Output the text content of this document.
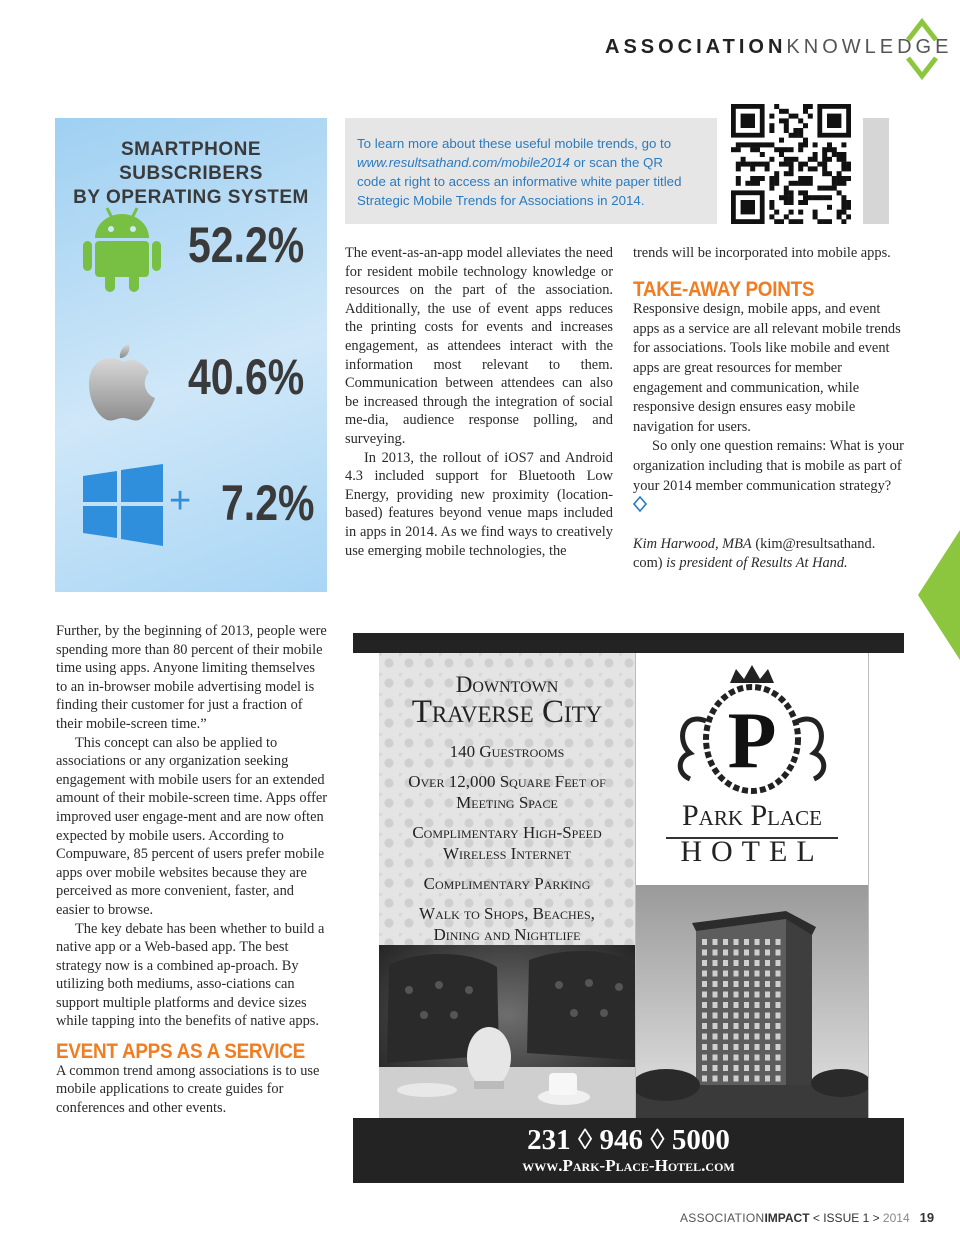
ASSOCIATIONKNOWLEDGE
SMARTPHONE SUBSCRIBERS
BY OPERATING SYSTEM
52.2%
40.6%
+ 7.2%
To learn more about these useful mobile trends, go to
www.resultsathand.com/mobile2014 or scan the QR
code at right to access an informative white paper titled
Strategic Mobile Trends for Associations in 2014.

The event-as-an-app model alleviates the need for resident mobile technology knowledge or resources on the part of the association. Additionally, the use of event apps reduces the printing costs for events and increases engagement, as attendees interact with the information most relevant to them. Communication between attendees can also be increased through the integration of social me-dia, audience response polling, and surveying.

In 2013, the rollout of iOS7 and Android 4.3 included support for Bluetooth Low Energy, providing new proximity (location-based) features beyond venue maps included in apps in 2014. As we find ways to creatively use emerging mobile technologies, the

trends will be incorporated into mobile apps.

TAKE-AWAY POINTS

Responsive design, mobile apps, and event apps as a service are all relevant mobile trends for associations. Tools like mobile and event apps are great resources for member engagement and communication, while responsive design ensures easy mobile navigation for users.

So only one question remains: What is your organization including that is mobile as part of your 2014 member communication strategy?

Kim Harwood, MBA (kim@resultsathand. com) is president of Results At Hand.

Further, by the beginning of 2013, people were spending more than 80 percent of their mobile time using apps. Anyone limiting themselves to an in-browser mobile advertising model is finding their customer for just a fraction of their mobile-screen time.”

This concept can also be applied to associations or any organization seeking engagement with mobile users for an extended amount of their mobile-screen time. Apps offer improved user engage-ment and are now often expected by mobile users. According to Compuware, 85 percent of users prefer mobile apps over mobile websites because they are perceived as more convenient, faster, and easier to browse.

The key debate has been whether to build a native app or a Web-based app. The best strategy now is a combined ap-proach. By utilizing both mediums, asso-ciations can support multiple platforms and device sizes while tapping into the benefits of native apps.

EVENT APPS AS A SERVICE

A common trend among associations is to use mobile applications to create guides for conferences and other events.

Downtown
Traverse City
140 Guestrooms
Over 12,000 Square Feet of Meeting Space
Complimentary High-Speed Wireless Internet
Complimentary Parking
Walk to Shops, Beaches, Dining and Nightlife
P
Park Place
HOTEL
231 ◊ 946 ◊ 5000
www.Park-Place-Hotel.com
ASSOCIATIONIMPACT < ISSUE 1 > 2014 19
